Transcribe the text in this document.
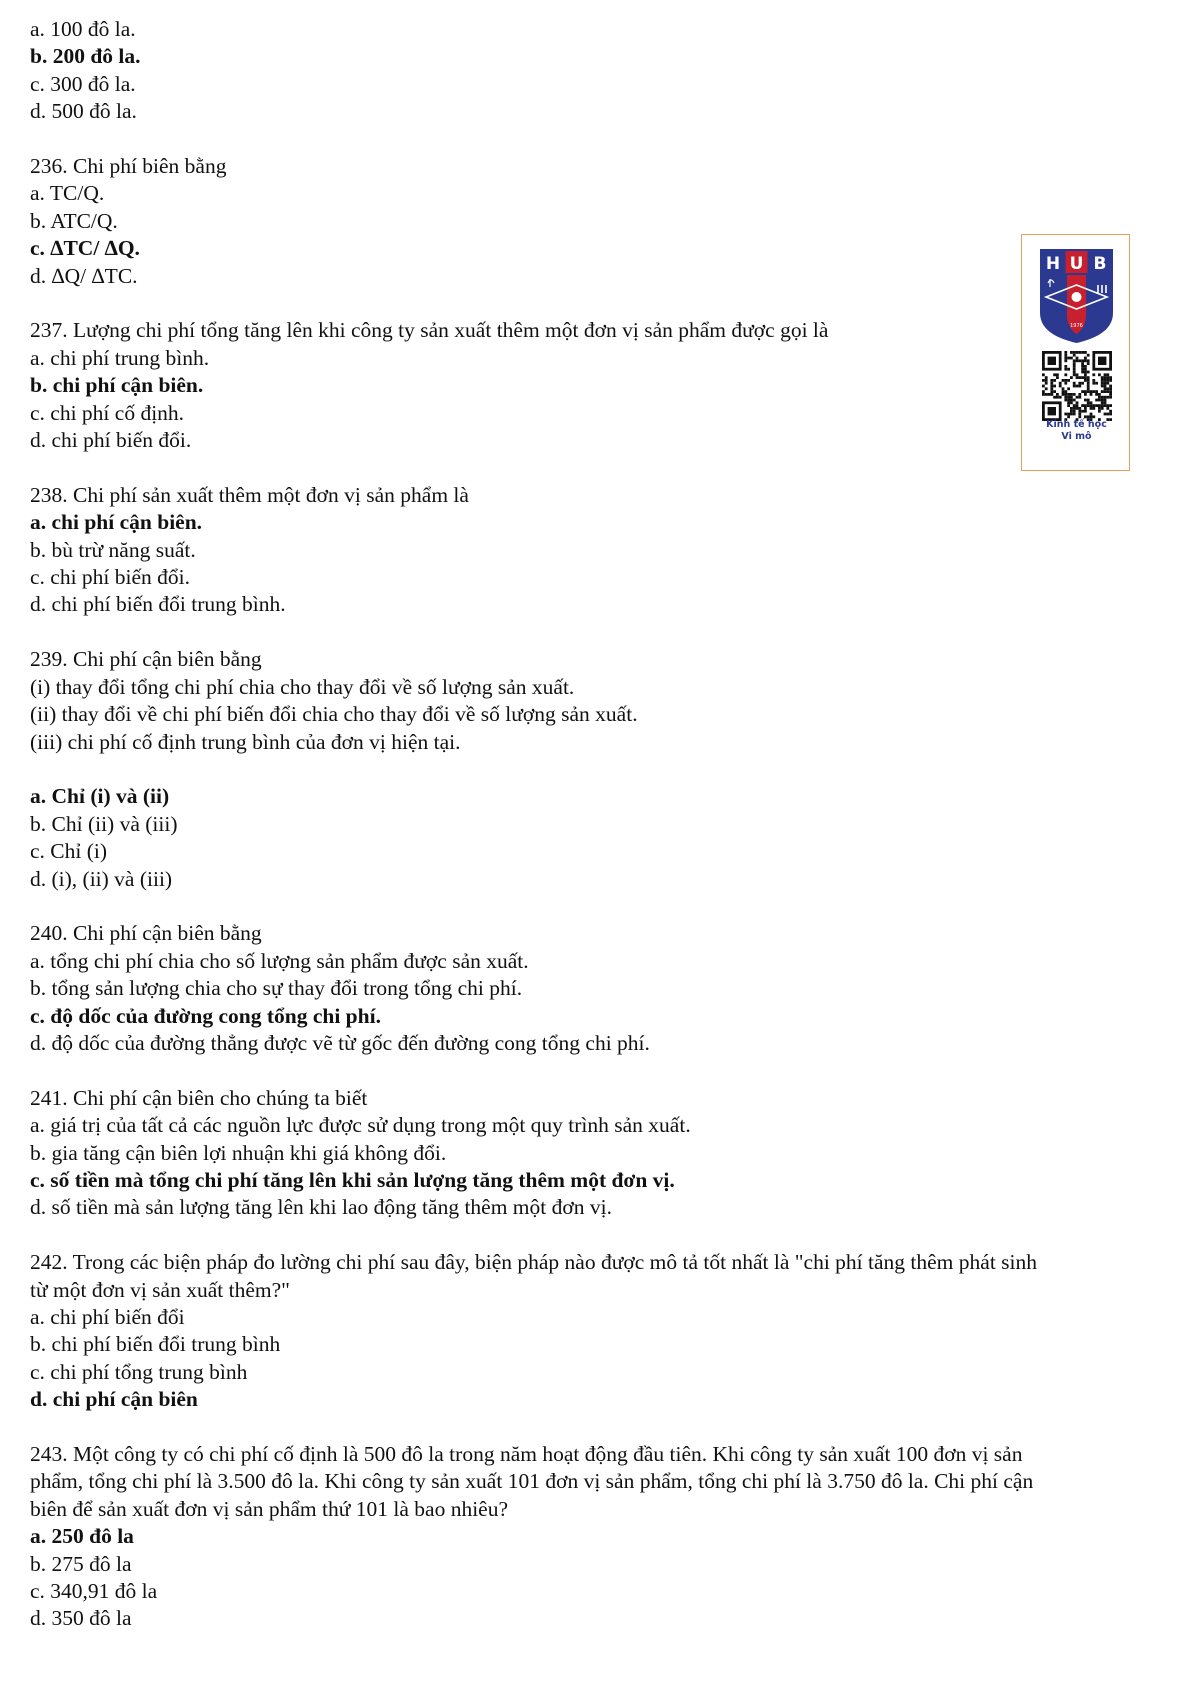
a. 100 đô la.
b. 200 đô la.
c. 300 đô la.
d. 500 đô la.
236. Chi phí biên bằng
a. TC/Q.
b. ATC/Q.
c. ∆TC/ ∆Q.
d. ∆Q/ ∆TC.
237. Lượng chi phí tổng tăng lên khi công ty sản xuất thêm một đơn vị sản phẩm được gọi là
a. chi phí trung bình.
b. chi phí cận biên.
c. chi phí cố định.
d. chi phí biến đổi.
238. Chi phí sản xuất thêm một đơn vị sản phẩm là
a. chi phí cận biên.
b. bù trừ năng suất.
c. chi phí biến đổi.
d. chi phí biến đổi trung bình.
239. Chi phí cận biên bằng
(i) thay đổi tổng chi phí chia cho thay đổi về số lượng sản xuất.
(ii) thay đổi về chi phí biến đổi chia cho thay đổi về số lượng sản xuất.
(iii) chi phí cố định trung bình của đơn vị hiện tại.
a. Chỉ (i) và (ii)
b. Chỉ (ii) và (iii)
c. Chỉ (i)
d. (i), (ii) và (iii)
240. Chi phí cận biên bằng
a. tổng chi phí chia cho số lượng sản phẩm được sản xuất.
b. tổng sản lượng chia cho sự thay đổi trong tổng chi phí.
c. độ dốc của đường cong tổng chi phí.
d. độ dốc của đường thẳng được vẽ từ gốc đến đường cong tổng chi phí.
241. Chi phí cận biên cho chúng ta biết
a. giá trị của tất cả các nguồn lực được sử dụng trong một quy trình sản xuất.
b. gia tăng cận biên lợi nhuận khi giá không đổi.
c. số tiền mà tổng chi phí tăng lên khi sản lượng tăng thêm một đơn vị.
d. số tiền mà sản lượng tăng lên khi lao động tăng thêm một đơn vị.
242. Trong các biện pháp đo lường chi phí sau đây, biện pháp nào được mô tả tốt nhất là "chi phí tăng thêm phát sinh
từ một đơn vị sản xuất thêm?"
a. chi phí biến đổi
b. chi phí biến đổi trung bình
c. chi phí tổng trung bình
d. chi phí cận biên
243. Một công ty có chi phí cố định là 500 đô la trong năm hoạt động đầu tiên. Khi công ty sản xuất 100 đơn vị sản
phẩm, tổng chi phí là 3.500 đô la. Khi công ty sản xuất 101 đơn vị sản phẩm, tổng chi phí là 3.750 đô la. Chi phí cận
biên để sản xuất đơn vị sản phẩm thứ 101 là bao nhiêu?
a. 250 đô la
b. 275 đô la
c. 340,91 đô la
d. 350 đô la
H U B
1976
Kinh tế học
Vi mô
